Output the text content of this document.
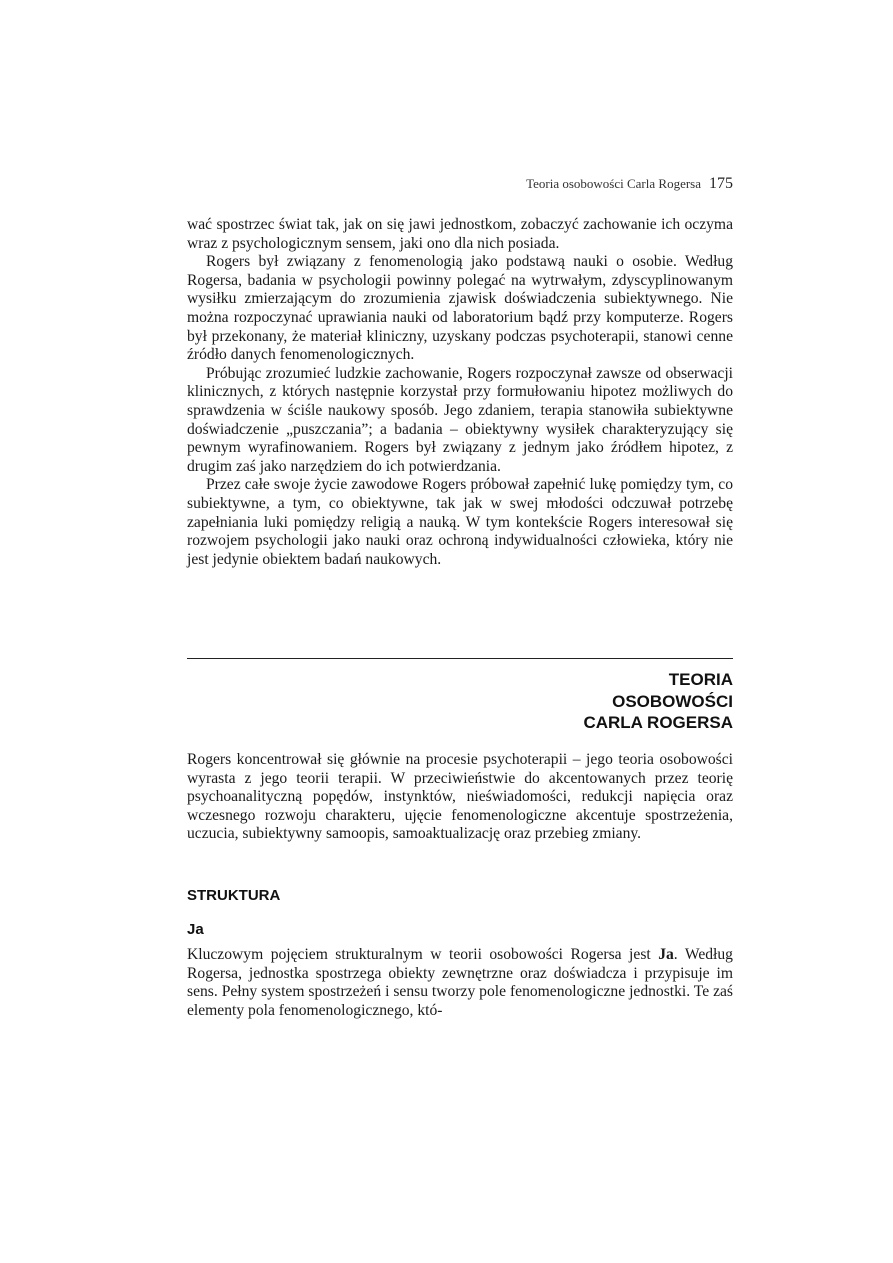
Teoria osobowości Carla Rogersa 175

wać spostrzec świat tak, jak on się jawi jednostkom, zobaczyć zachowanie ich oczyma wraz z psychologicznym sensem, jaki ono dla nich posiada.

Rogers był związany z fenomenologią jako podstawą nauki o osobie. Według Rogersa, badania w psychologii powinny polegać na wytrwałym, zdyscyplinowanym wysiłku zmierzającym do zrozumienia zjawisk doświadczenia subiektywnego. Nie można rozpoczynać uprawiania nauki od laboratorium bądź przy komputerze. Rogers był przekonany, że materiał kliniczny, uzyskany podczas psychoterapii, stanowi cenne źródło danych fenomenologicznych.

Próbując zrozumieć ludzkie zachowanie, Rogers rozpoczynał zawsze od obserwacji klinicznych, z których następnie korzystał przy formułowaniu hipotez możliwych do sprawdzenia w ściśle naukowy sposób. Jego zdaniem, terapia stanowiła subiektywne doświadczenie „puszczania”; a badania – obiektywny wysiłek charakteryzujący się pewnym wyrafinowaniem. Rogers był związany z jednym jako źródłem hipotez, z drugim zaś jako narzędziem do ich potwierdzania.

Przez całe swoje życie zawodowe Rogers próbował zapełnić lukę pomiędzy tym, co subiektywne, a tym, co obiektywne, tak jak w swej młodości odczuwał potrzebę zapełniania luki pomiędzy religią a nauką. W tym kontekście Rogers interesował się rozwojem psychologii jako nauki oraz ochroną indywidualności człowieka, który nie jest jedynie obiektem badań naukowych.

TEORIA
OSOBOWOŚCI
CARLA ROGERSA

Rogers koncentrował się głównie na procesie psychoterapii – jego teoria osobowości wyrasta z jego teorii terapii. W przeciwieństwie do akcentowanych przez teorię psychoanalityczną popędów, instynktów, nieświadomości, redukcji napięcia oraz wczesnego rozwoju charakteru, ujęcie fenomenologiczne akcentuje spostrzeżenia, uczucia, subiektywny samoopis, samoaktualizację oraz przebieg zmiany.

STRUKTURA
Ja

Kluczowym pojęciem strukturalnym w teorii osobowości Rogersa jest Ja. Według Rogersa, jednostka spostrzega obiekty zewnętrzne oraz doświadcza i przypisuje im sens. Pełny system spostrzeżeń i sensu tworzy pole fenomenologiczne jednostki. Te zaś elementy pola fenomenologicznego, któ-
